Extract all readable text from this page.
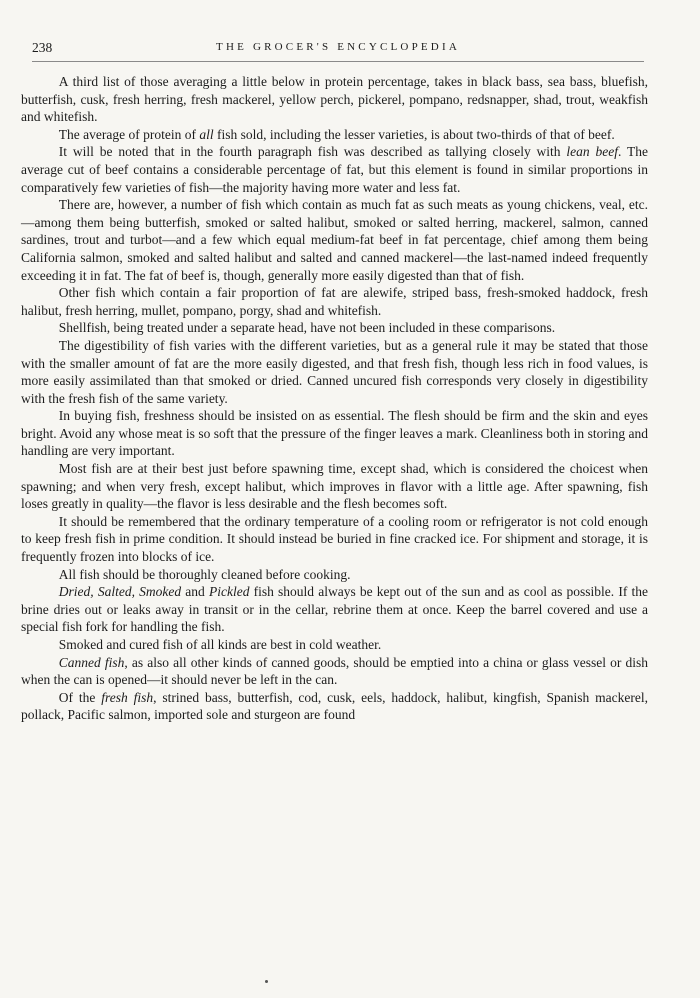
238	THE GROCER'S ENCYCLOPEDIA

A third list of those averaging a little below in protein percentage, takes in black bass, sea bass, bluefish, butterfish, cusk, fresh herring, fresh mackerel, yellow perch, pickerel, pompano, redsnapper, shad, trout, weakfish and whitefish.

The average of protein of all fish sold, including the lesser varieties, is about two-thirds of that of beef.

It will be noted that in the fourth paragraph fish was described as tallying closely with lean beef. The average cut of beef contains a considerable percentage of fat, but this element is found in similar proportions in comparatively few varieties of fish—the majority having more water and less fat.

There are, however, a number of fish which contain as much fat as such meats as young chickens, veal, etc.—among them being butterfish, smoked or salted halibut, smoked or salted herring, mackerel, salmon, canned sardines, trout and turbot—and a few which equal medium-fat beef in fat percentage, chief among them being California salmon, smoked and salted halibut and salted and canned mackerel—the last-named indeed frequently exceeding it in fat. The fat of beef is, though, generally more easily digested than that of fish.

Other fish which contain a fair proportion of fat are alewife, striped bass, fresh-smoked haddock, fresh halibut, fresh herring, mullet, pompano, porgy, shad and whitefish.

Shellfish, being treated under a separate head, have not been included in these comparisons.

The digestibility of fish varies with the different varieties, but as a general rule it may be stated that those with the smaller amount of fat are the more easily digested, and that fresh fish, though less rich in food values, is more easily assimilated than that smoked or dried. Canned uncured fish corresponds very closely in digestibility with the fresh fish of the same variety.

In buying fish, freshness should be insisted on as essential. The flesh should be firm and the skin and eyes bright. Avoid any whose meat is so soft that the pressure of the finger leaves a mark. Cleanliness both in storing and handling are very important.

Most fish are at their best just before spawning time, except shad, which is considered the choicest when spawning; and when very fresh, except halibut, which improves in flavor with a little age. After spawning, fish loses greatly in quality—the flavor is less desirable and the flesh becomes soft.

It should be remembered that the ordinary temperature of a cooling room or refrigerator is not cold enough to keep fresh fish in prime condition. It should instead be buried in fine cracked ice. For shipment and storage, it is frequently frozen into blocks of ice.

All fish should be thoroughly cleaned before cooking.

Dried, Salted, Smoked and Pickled fish should always be kept out of the sun and as cool as possible. If the brine dries out or leaks away in transit or in the cellar, rebrine them at once. Keep the barrel covered and use a special fish fork for handling the fish.

Smoked and cured fish of all kinds are best in cold weather.

Canned fish, as also all other kinds of canned goods, should be emptied into a china or glass vessel or dish when the can is opened—it should never be left in the can.

Of the fresh fish, strined bass, butterfish, cod, cusk, eels, haddock, halibut, kingfish, Spanish mackerel, pollack, Pacific salmon, imported sole and sturgeon are found
